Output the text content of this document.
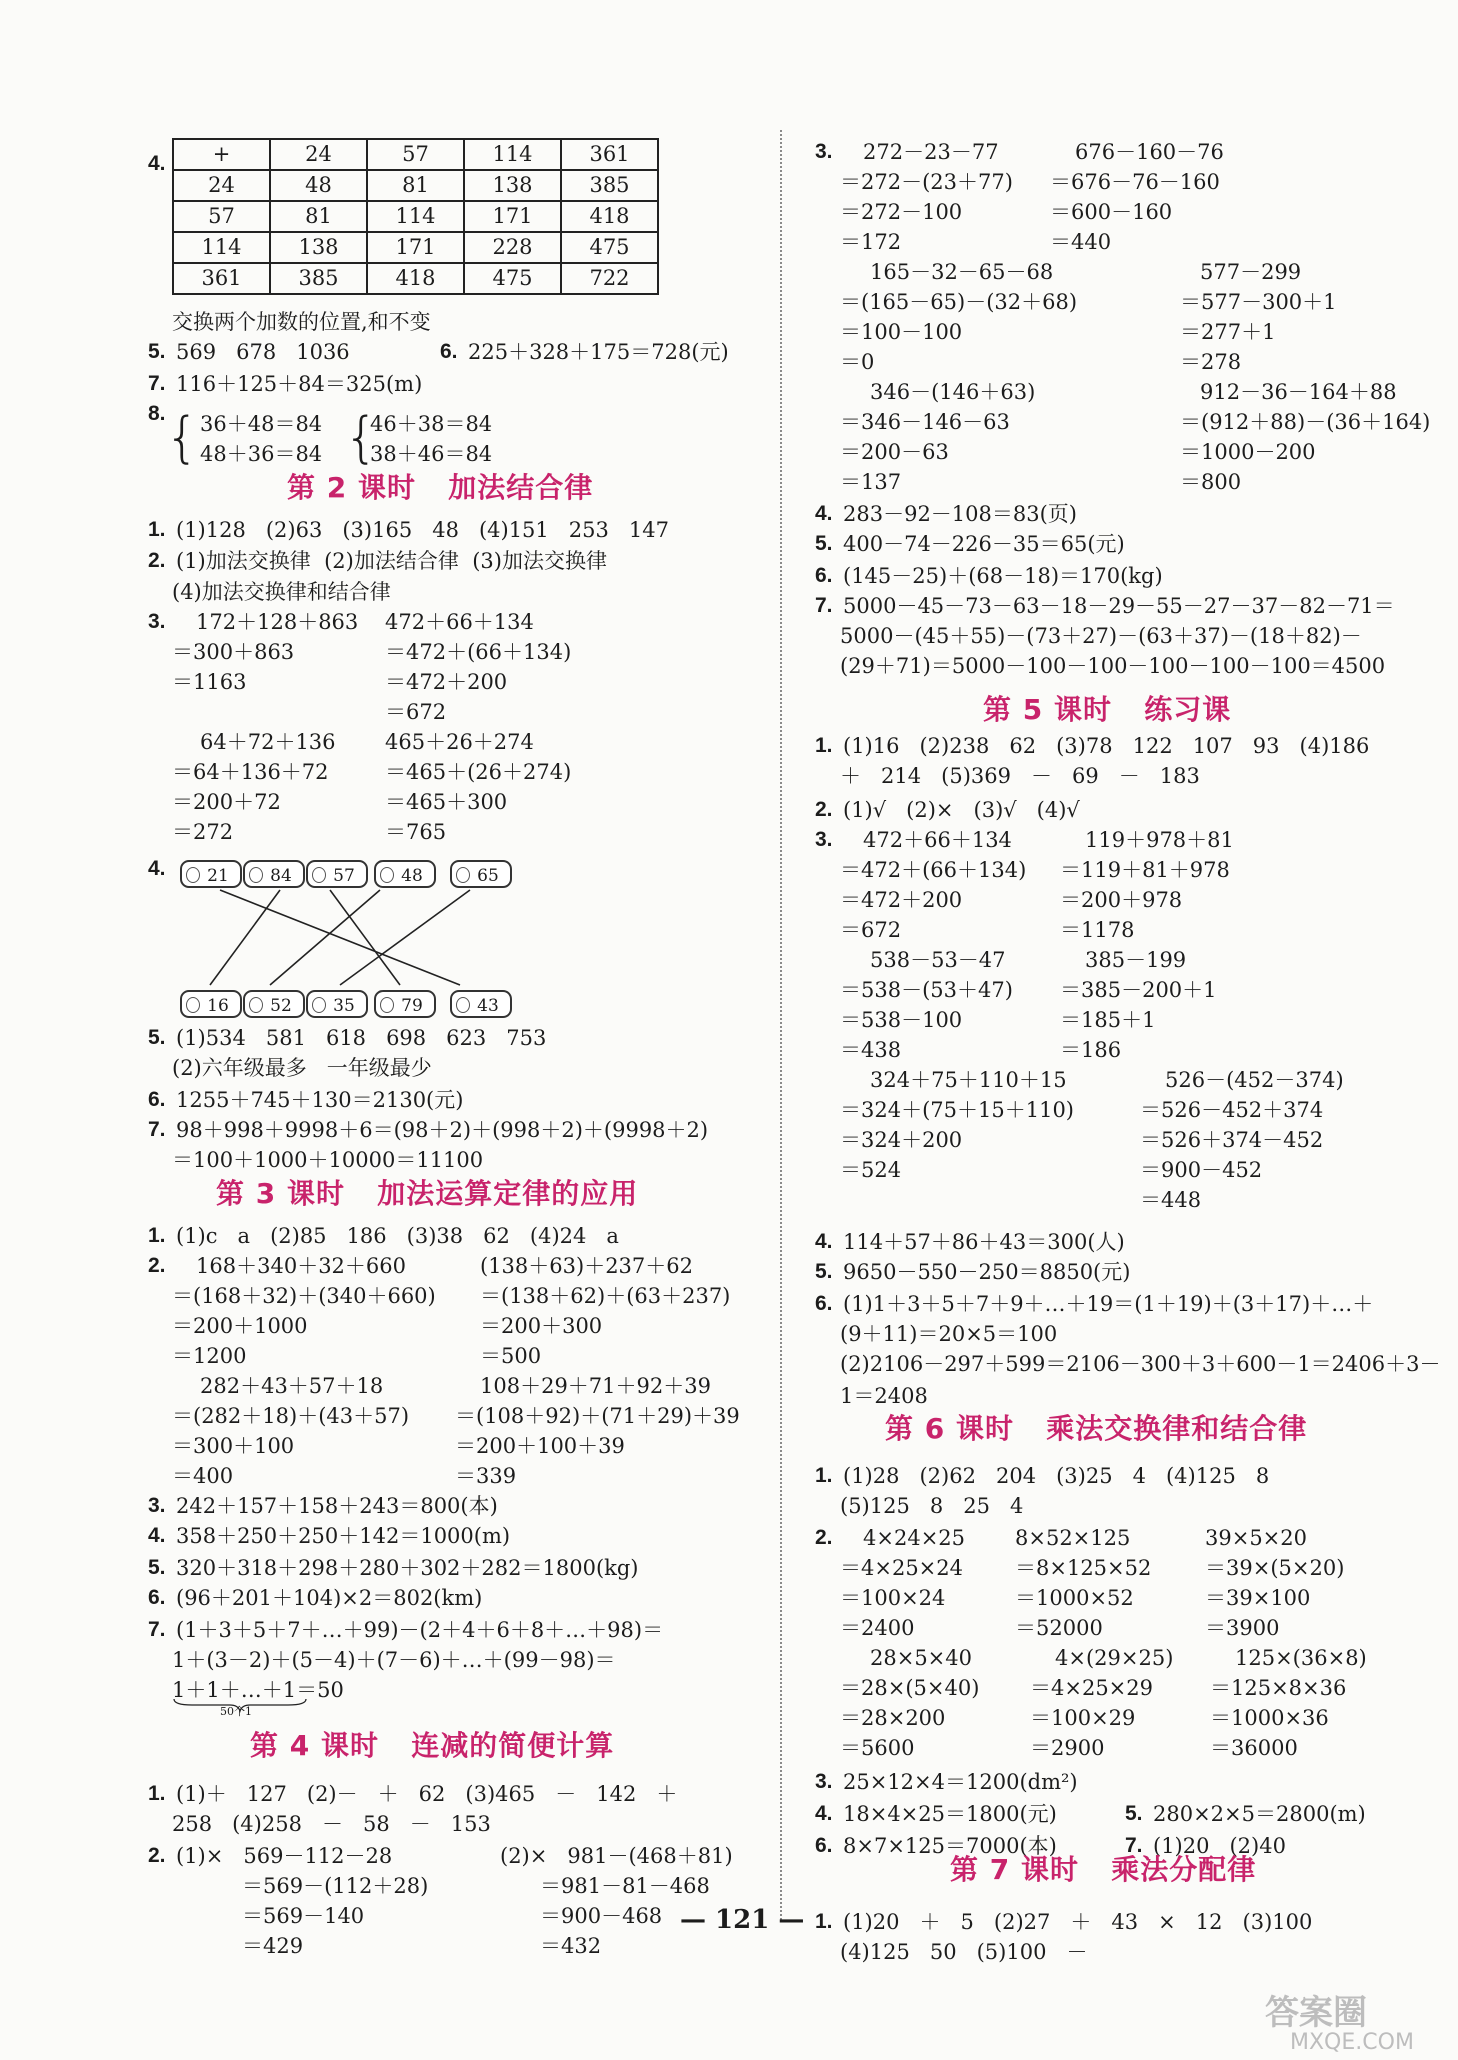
4. +	24	57	114	361
24	48	81	138	385
57	81	114	171	418
114	138	171	228	475
361	385	418	475	722
交换两个加数的位置,和不变
5. 569   678   1036 6. 225＋328＋175＝728(元)
7. 116＋125＋84＝325(m)
8. 36＋48＝84
48＋36＝84
46＋38＝84
38＋46＝84
1. (1)128   (2)63   (3)165   48   (4)151   253   147
2. (1)加法交换律  (2)加法结合律  (3)加法交换律
(4)加法交换律和结合律
3. 172＋128＋863 472＋66＋134
＝300＋863	＝472＋(66＋134)
＝1163	＝472＋200
＝672
64＋72＋136 465＋26＋274
＝64＋136＋72	＝465＋(26＋274)
＝200＋72	＝465＋300
＝272	＝765
4.
5. (1)534   581   618   698   623   753
(2)六年级最多   一年级最少
6. 1255＋745＋130＝2130(元)
7. 98＋998＋9998＋6＝(98＋2)＋(998＋2)＋(9998＋2)
＝100＋1000＋10000＝11100
1. (1)c   a   (2)85   186   (3)38   62   (4)24   a
2. 168＋340＋32＋660	(138＋63)＋237＋62
＝(168＋32)＋(340＋660) ＝(138＋62)＋(63＋237)
＝200＋1000	＝200＋300
＝1200	＝500
282＋43＋57＋18	108＋29＋71＋92＋39
＝(282＋18)＋(43＋57) ＝(108＋92)＋(71＋29)＋39
＝300＋100	＝200＋100＋39
＝400	＝339
3. 242＋157＋158＋243＝800(本)
4. 358＋250＋250＋142＝1000(m)
5. 320＋318＋298＋280＋302＋282＝1800(kg)
6. (96＋201＋104)×2＝802(km)
7. (1＋3＋5＋7＋…＋99)－(2＋4＋6＋8＋…＋98)＝
1＋(3－2)＋(5－4)＋(7－6)＋…＋(99－98)＝
1＋1＋…＋1＝50
50个1
1. (1)＋   127   (2)－   ＋   62   (3)465   －   142   ＋
258   (4)258   －   58   －   153
2. (1)×   569－112－28	(2)×   981－(468＋81)
＝569－(112＋28)	＝981－81－468
＝569－140	＝900－468
＝429	＝432
3. 272－23－77	676－160－76
＝272－(23＋77) ＝676－76－160
＝272－100	＝600－160
＝172	＝440
165－32－65－68	577－299
＝(165－65)－(32＋68)	＝577－300＋1
＝100－100	＝277＋1
＝0	＝278
346－(146＋63)	912－36－164＋88
＝346－146－63	＝(912＋88)－(36＋164)
＝200－63	＝1000－200
＝137	＝800
4. 283－92－108＝83(页)
5. 400－74－226－35＝65(元)
6. (145－25)＋(68－18)＝170(kg)
7. 5000－45－73－63－18－29－55－27－37－82－71＝
5000－(45＋55)－(73＋27)－(63＋37)－(18＋82)－
(29＋71)＝5000－100－100－100－100－100＝4500
1. (1)16   (2)238   62   (3)78   122   107   93   (4)186
＋   214   (5)369   －   69   －   183
2. (1)√   (2)×   (3)√   (4)√
3. 472＋66＋134	119＋978＋81
＝472＋(66＋134) ＝119＋81＋978
＝472＋200	＝200＋978
＝672	＝1178
538－53－47	385－199
＝538－(53＋47) ＝385－200＋1
＝538－100	＝185＋1
＝438	＝186
324＋75＋110＋15	526－(452－374)
＝324＋(75＋15＋110)	＝526－452＋374
＝324＋200	＝526＋374－452
＝524	＝900－452
＝448
4. 114＋57＋86＋43＝300(人)
5. 9650－550－250＝8850(元)
6. (1)1＋3＋5＋7＋9＋…＋19＝(1＋19)＋(3＋17)＋…＋
(9＋11)＝20×5＝100
(2)2106－297＋599＝2106－300＋3＋600－1＝2406＋3－
1＝2408
1. (1)28   (2)62   204   (3)25   4   (4)125   8
(5)125   8   25   4
2. 4×24×25 8×52×125	39×5×20
＝4×25×24 ＝8×125×52	＝39×(5×20)
＝100×24	＝1000×52	＝39×100
＝2400	＝52000	＝3900
28×5×40	4×(29×25)	125×(36×8)
＝28×(5×40) ＝4×25×29	＝125×8×36
＝28×200	＝100×29	＝1000×36
＝5600	＝2900	＝36000
3. 25×12×4＝1200(dm²)
4. 18×4×25＝1800(元) 5. 280×2×5＝2800(m)
6. 8×7×125＝7000(本) 7. (1)20   (2)40
1. (1)20   ＋   5   (2)27   ＋   43   ×   12   (3)100
(4)125   50   (5)100   －
第 2 课时   加法结合律
第 3 课时   加法运算定律的应用
第 4 课时   连减的简便计算
第 5 课时   练习课
第 6 课时   乘法交换律和结合律
第 7 课时   乘法分配律
{	{
21	84	57	48	65
16	52	35	79	43
— 121 —
答案圈
MXQE.COM
